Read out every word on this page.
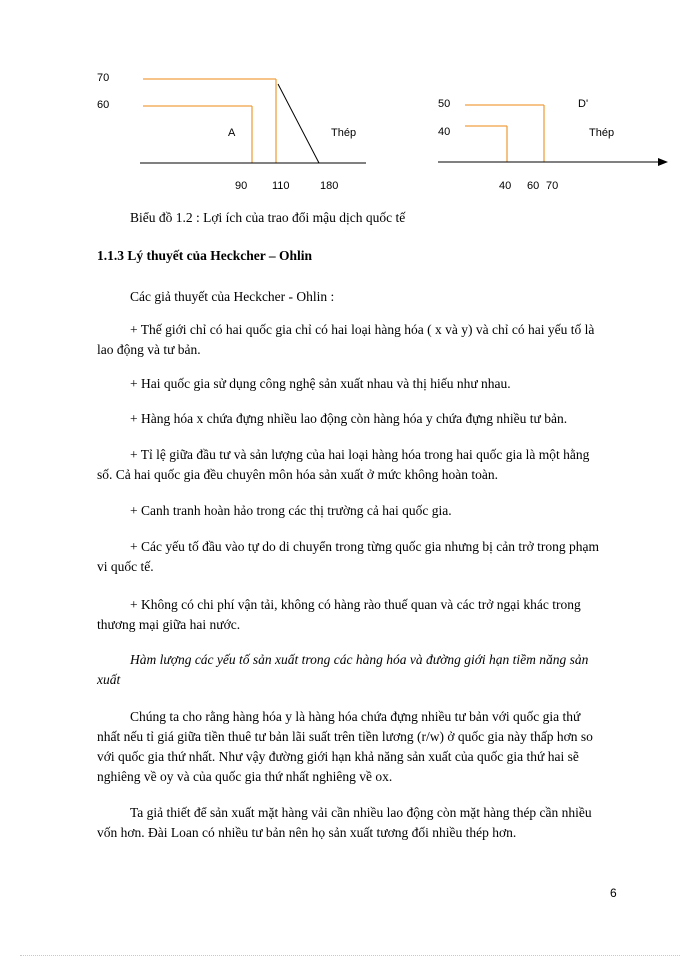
70
60
A	Thép
90 110	180
50
40
D'
Thép
40 60 70
Biểu đồ 1.2 : Lợi ích của trao đổi mậu dịch quốc tế
1.1.3 Lý thuyết của Heckcher – Ohlin
Các giả thuyết của Heckcher - Ohlin :
+ Thế giới chỉ có hai quốc gia chỉ có hai loại hàng hóa ( x và y) và chỉ có hai yếu tố là lao động và tư bản.
+ Hai quốc gia sử dụng công nghệ sản xuất nhau và thị hiếu như nhau.
+ Hàng hóa x chứa đựng nhiều lao động còn hàng hóa y chứa đựng nhiều tư bản.
+ Tỉ lệ giữa đầu tư và sản lượng của hai loại hàng hóa trong hai quốc gia là một hằng số. Cả hai quốc gia đều chuyên môn hóa sản xuất ở mức không hoàn toàn.
+ Canh tranh hoàn hảo trong các thị trường cả hai quốc gia.
+ Các yếu tố đầu vào tự do di chuyển trong từng quốc gia nhưng bị cản trở trong phạm vi quốc tế.
+ Không có chi phí vận tải, không có hàng rào thuế quan và các trở ngại khác trong thương mại giữa hai nước.
Hàm lượng các yếu tố sản xuất trong các hàng hóa và đường giới hạn tiềm năng sản xuất
Chúng ta cho rằng hàng hóa y là hàng hóa chứa đựng nhiều tư bản với quốc gia thứ nhất nếu tỉ giá giữa tiền thuê tư bản lãi suất trên tiền lương (r/w) ở quốc gia này thấp hơn so với quốc gia thứ nhất. Như vậy đường giới hạn khả năng sản xuất của quốc gia thứ hai sẽ nghiêng về oy và của quốc gia thứ nhất nghiêng về ox.
Ta giả thiết để sản xuất mặt hàng vải cần nhiều lao động còn mặt hàng thép cần nhiều vốn hơn. Đài Loan có nhiều tư bản nên họ sản xuất tương đối nhiều thép hơn.
6
